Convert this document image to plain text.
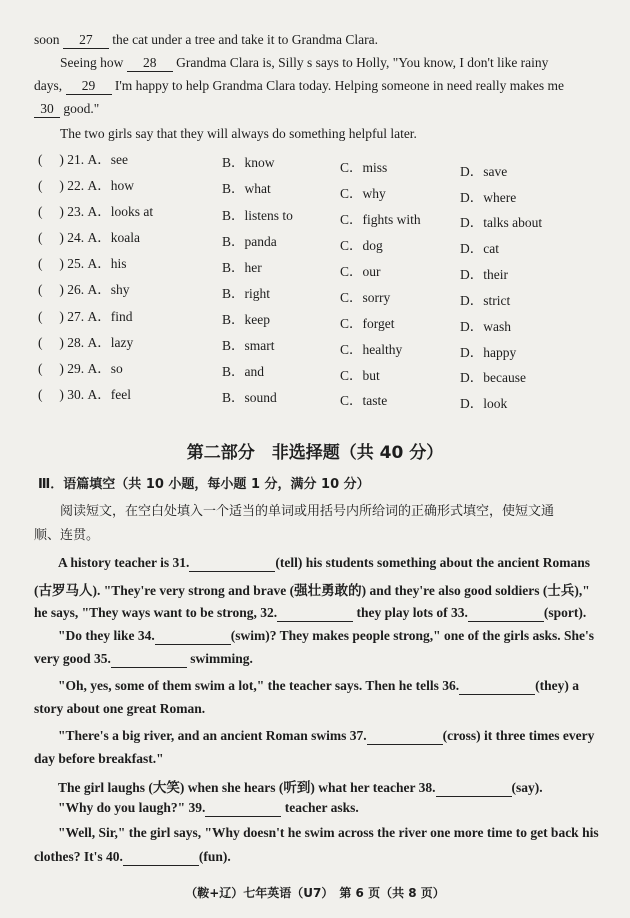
soon 27 the cat under a tree and take it to Grandma Clara.
Seeing how 28 Grandma Clara is, Silly s says to Holly, "You know, I don't like rainy
days, 29 I'm happy to help Grandma Clara today. Helping someone in need really makes me
30 good."
The two girls say that they will always do something helpful later.
(　 ) 21. A．see	B．know	C．miss	D．save
(　 ) 22. A．how	B．what	C．why	D．where
(　 ) 23. A．looks at	B．listens to	C．fights with	D．talks about
(　 ) 24. A．koala	B．panda	C．dog	D．cat
(　 ) 25. A．his	B．her	C．our	D．their
(　 ) 26. A．shy	B．right	C．sorry	D．strict
(　 ) 27. A．find	B．keep	C．forget	D．wash
(　 ) 28. A．lazy	B．smart	C．healthy	D．happy
(　 ) 29. A．so	B．and	C．but	D．because
(　 ) 30. A．feel	B．sound	C．taste	D．look
第二部分　非选择题（共 40 分）
Ⅲ．语篇填空（共 10 小题，每小题 1 分，满分 10 分）
阅读短文，在空白处填入一个适当的单词或用括号内所给词的正确形式填空，使短文通
顺、连贯。
A history teacher is 31.	(tell) his students something about the ancient Romans
(古罗马人). "They're very strong and brave (强壮勇敢的) and they're also good soldiers (士兵),"
he says, "They ways want to be strong, 32.	they play lots of 33.	(sport).
"Do they like 34.	(swim)? They makes people strong," one of the girls asks. She's
very good 35.	swimming.
"Oh, yes, some of them swim a lot," the teacher says. Then he tells 36.	(they) a
story about one great Roman.
"There's a big river, and an ancient Roman swims 37.	(cross) it three times every
day before breakfast."
The girl laughs (大笑) when she hears (听到) what her teacher 38.	(say).
"Why do you laugh?" 39.	teacher asks.
"Well, Sir," the girl says, "Why doesn't he swim across the river one more time to get back his
clothes? It's 40.	(fun).
（鞍+辽）七年英语（U7）　第 6 页（共 8 页）
